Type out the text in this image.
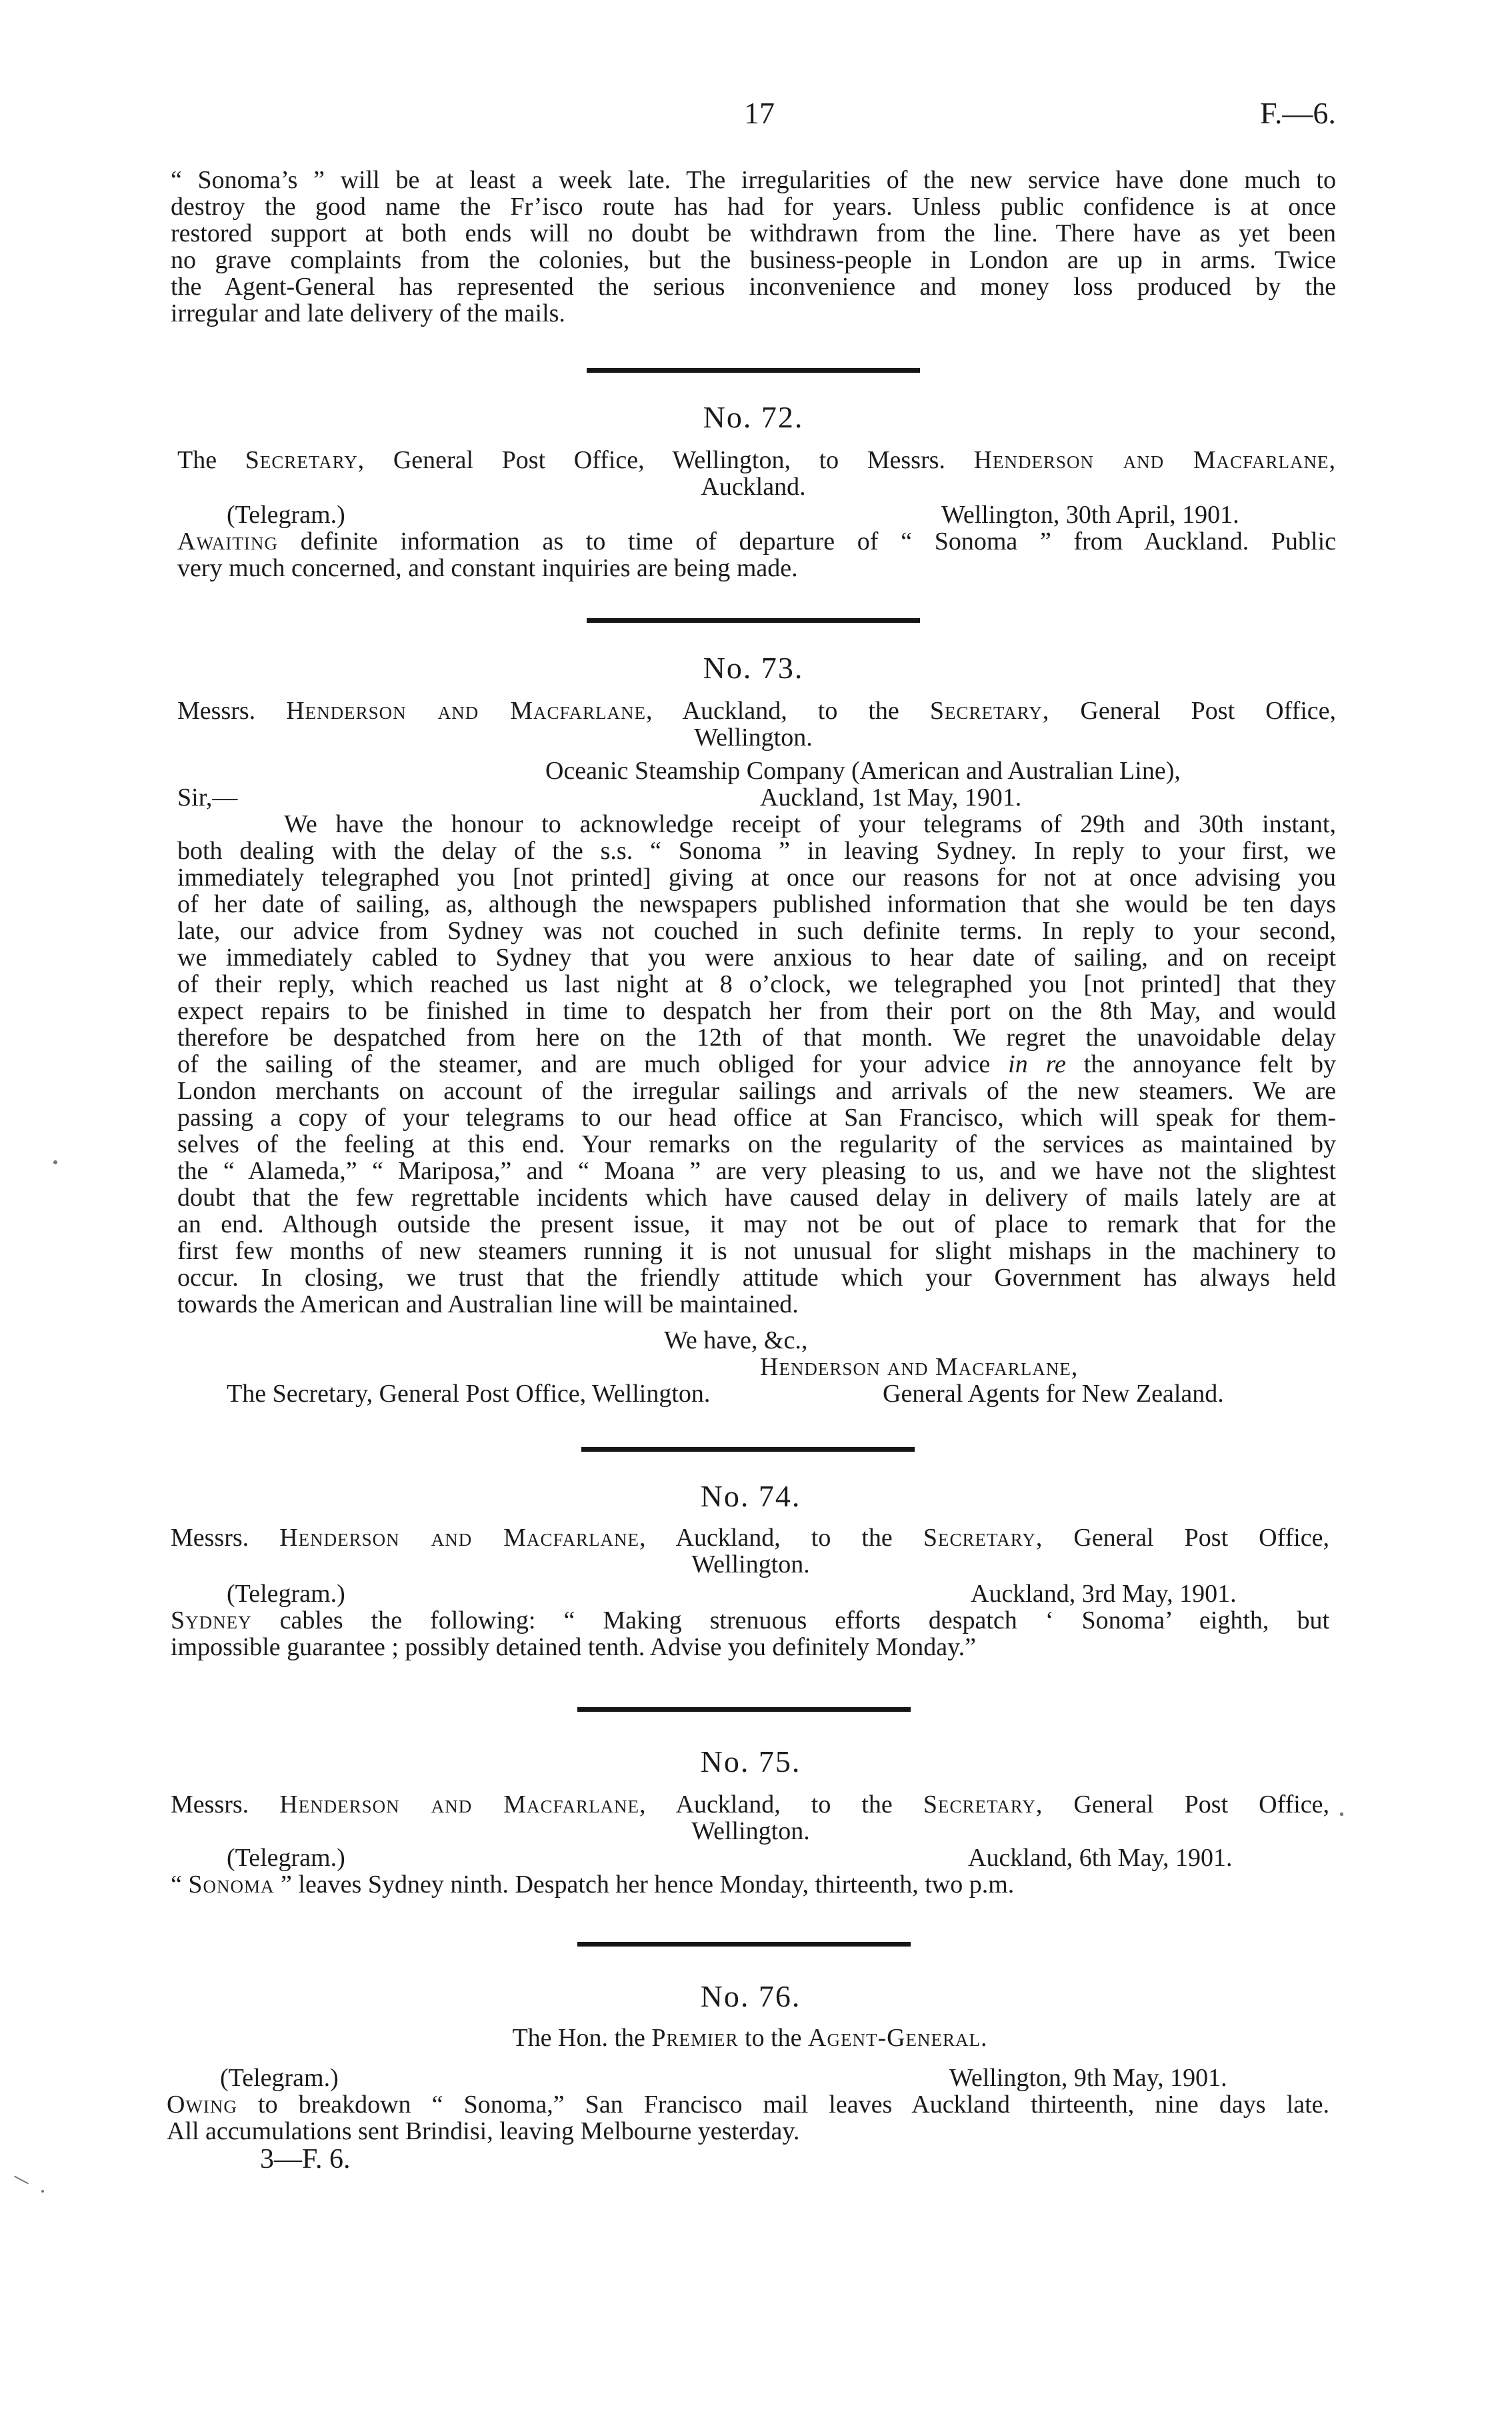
17	F.—6.
“ Sonoma’s ” will be at least a week late. The irregularities of the new service have done much to
destroy the good name the Fr’isco route has had for years. Unless public confidence is at once
restored support at both ends will no doubt be withdrawn from the line. There have as yet been
no grave complaints from the colonies, but the business-people in London are up in arms. Twice
the Agent-General has represented the serious inconvenience and money loss produced by the
irregular and late delivery of the mails.
No. 72.
The Secretary, General Post Office, Wellington, to Messrs. Henderson and Macfarlane,
Auckland.
(Telegram.)	Wellington, 30th April, 1901.
Awaiting definite information as to time of departure of “ Sonoma ” from Auckland. Public
very much concerned, and constant inquiries are being made.
No. 73.
Messrs. Henderson and Macfarlane, Auckland, to the Secretary, General Post Office,
Wellington.
Oceanic Steamship Company (American and Australian Line),
Sir,—	Auckland, 1st May, 1901.
We have the honour to acknowledge receipt of your telegrams of 29th and 30th instant,
both dealing with the delay of the s.s. “ Sonoma ” in leaving Sydney. In reply to your first, we
immediately telegraphed you [not printed] giving at once our reasons for not at once advising you
of her date of sailing, as, although the newspapers published information that she would be ten days
late, our advice from Sydney was not couched in such definite terms. In reply to your second,
we immediately cabled to Sydney that you were anxious to hear date of sailing, and on receipt
of their reply, which reached us last night at 8 o’clock, we telegraphed you [not printed] that they
expect repairs to be finished in time to despatch her from their port on the 8th May, and would
therefore be despatched from here on the 12th of that month. We regret the unavoidable delay
of the sailing of the steamer, and are much obliged for your advice in re the annoyance felt by
London merchants on account of the irregular sailings and arrivals of the new steamers. We are
passing a copy of your telegrams to our head office at San Francisco, which will speak for them-
selves of the feeling at this end. Your remarks on the regularity of the services as maintained by
the “ Alameda,” “ Mariposa,” and “ Moana ” are very pleasing to us, and we have not the slightest
doubt that the few regrettable incidents which have caused delay in delivery of mails lately are at
an end. Although outside the present issue, it may not be out of place to remark that for the
first few months of new steamers running it is not unusual for slight mishaps in the machinery to
occur. In closing, we trust that the friendly attitude which your Government has always held
towards the American and Australian line will be maintained.
We have, &c.,
Henderson and Macfarlane,
The Secretary, General Post Office, Wellington.	General Agents for New Zealand.
No. 74.
Messrs. Henderson and Macfarlane, Auckland, to the Secretary, General Post Office,
Wellington.
(Telegram.)	Auckland, 3rd May, 1901.
Sydney cables the following: “ Making strenuous efforts despatch ‘ Sonoma’ eighth, but
impossible guarantee ; possibly detained tenth. Advise you definitely Monday.”
No. 75.
Messrs. Henderson and Macfarlane, Auckland, to the Secretary, General Post Office,
Wellington.
(Telegram.)	Auckland, 6th May, 1901.
“ Sonoma ” leaves Sydney ninth. Despatch her hence Monday, thirteenth, two p.m.
No. 76.
The Hon. the Premier to the Agent-General.
(Telegram.)	Wellington, 9th May, 1901.
Owing to breakdown “ Sonoma,” San Francisco mail leaves Auckland thirteenth, nine days late.
All accumulations sent Brindisi, leaving Melbourne yesterday.
3—F. 6.
